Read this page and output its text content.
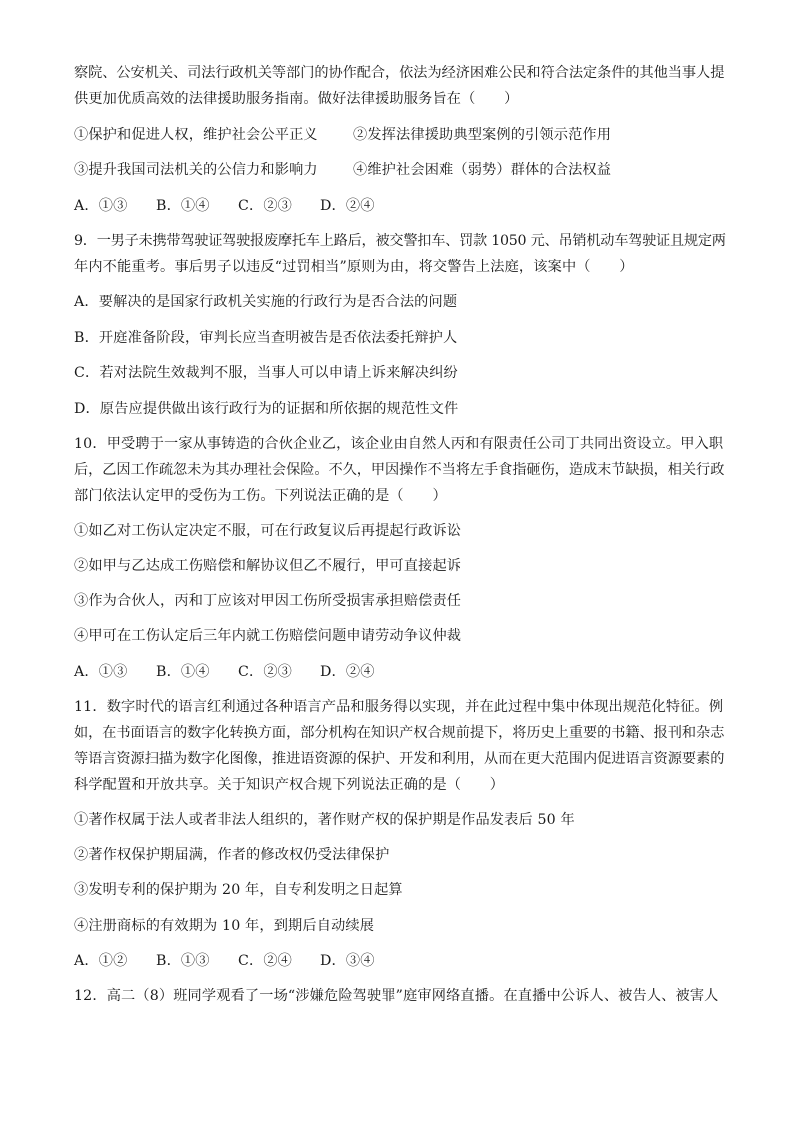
察院、公安机关、司法行政机关等部门的协作配合，依法为经济困难公民和符合法定条件的其他当事人提
供更加优质高效的法律援助服务指南。做好法律援助服务旨在（　　）
①保护和促进人权，维护社会公平正义 ②发挥法律援助典型案例的引领示范作用
③提升我国司法机关的公信力和影响力 ④维护社会困难（弱势）群体的合法权益
A．①③ B．①④ C．②③ D．②④
9．一男子未携带驾驶证驾驶报废摩托车上路后，被交警扣车、罚款 1050 元、吊销机动车驾驶证且规定两
年内不能重考。事后男子以违反“过罚相当”原则为由，将交警告上法庭，该案中（　　）
A．要解决的是国家行政机关实施的行政行为是否合法的问题
B．开庭准备阶段，审判长应当查明被告是否依法委托辩护人
C．若对法院生效裁判不服，当事人可以申请上诉来解决纠纷
D．原告应提供做出该行政行为的证据和所依据的规范性文件
10．甲受聘于一家从事铸造的合伙企业乙，该企业由自然人丙和有限责任公司丁共同出资设立。甲入职
后，乙因工作疏忽未为其办理社会保险。不久，甲因操作不当将左手食指砸伤，造成末节缺损，相关行政
部门依法认定甲的受伤为工伤。下列说法正确的是（　　）
①如乙对工伤认定决定不服，可在行政复议后再提起行政诉讼
②如甲与乙达成工伤赔偿和解协议但乙不履行，甲可直接起诉
③作为合伙人，丙和丁应该对甲因工伤所受损害承担赔偿责任
④甲可在工伤认定后三年内就工伤赔偿问题申请劳动争议仲裁
A．①③ B．①④ C．②③ D．②④
11．数字时代的语言红利通过各种语言产品和服务得以实现，并在此过程中集中体现出规范化特征。例
如，在书面语言的数字化转换方面，部分机构在知识产权合规前提下，将历史上重要的书籍、报刊和杂志
等语言资源扫描为数字化图像，推进语资源的保护、开发和利用，从而在更大范围内促进语言资源要素的
科学配置和开放共享。关于知识产权合规下列说法正确的是（　　）
①著作权属于法人或者非法人组织的，著作财产权的保护期是作品发表后 50 年
②著作权保护期届满，作者的修改权仍受法律保护
③发明专利的保护期为 20 年，自专利发明之日起算
④注册商标的有效期为 10 年，到期后自动续展
A．①② B．①③ C．②④ D．③④
12．高二（8）班同学观看了一场“涉嫌危险驾驶罪”庭审网络直播。在直播中公诉人、被告人、被害人
